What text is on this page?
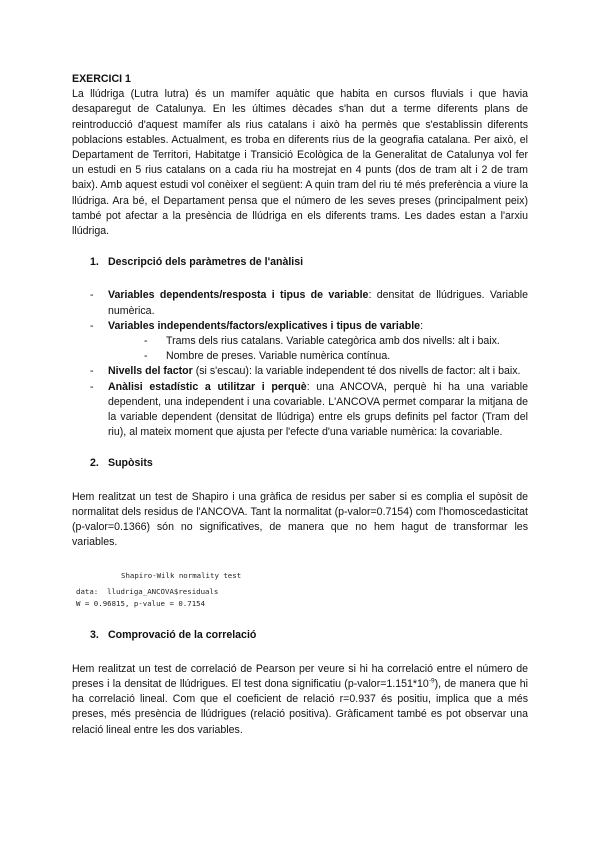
EXERCICI 1

La llúdriga (Lutra lutra) és un mamífer aquàtic que habita en cursos fluvials i que havia desaparegut de Catalunya. En les últimes dècades s'han dut a terme diferents plans de reintroducció d'aquest mamífer als rius catalans i això ha permès que s'establissin diferents poblacions estables. Actualment, es troba en diferents rius de la geografia catalana. Per això, el Departament de Territori, Habitatge i Transició Ecològica de la Generalitat de Catalunya vol fer un estudi en 5 rius catalans on a cada riu ha mostrejat en 4 punts (dos de tram alt i 2 de tram baix). Amb aquest estudi vol conèixer el següent: A quin tram del riu té més preferència a viure la llúdriga. Ara bé, el Departament pensa que el número de les seves preses (principalment peix) també pot afectar a la presència de llúdriga en els diferents trams. Les dades estan a l'arxiu llúdriga.

1. Descripció dels paràmetres de l'anàlisi
- Variables dependents/resposta i tipus de variable: densitat de llúdrigues. Variable numèrica.
- Variables independents/factors/explicatives i tipus de variable:
- Trams dels rius catalans. Variable categòrica amb dos nivells: alt i baix.
- Nombre de preses. Variable numèrica contínua.
- Nivells del factor (si s'escau): la variable independent té dos nivells de factor: alt i baix.
- Anàlisi estadístic a utilitzar i perquè: una ANCOVA, perquè hi ha una variable dependent, una independent i una covariable. L'ANCOVA permet comparar la mitjana de la variable dependent (densitat de llúdriga) entre els grups definits pel factor (Tram del riu), al mateix moment que ajusta per l'efecte d'una variable numèrica: la covariable.
2. Supòsits

Hem realitzat un test de Shapiro i una gràfica de residus per saber si es complia el supòsit de normalitat dels residus de l'ANCOVA. Tant la normalitat (p-valor=0.7154) com l'homoscedasticitat (p-valor=0.1366) són no significatives, de manera que no hem hagut de transformar les variables.

Shapiro-Wilk normality test
data:  lludriga_ANCOVA$residuals
W = 0.96815, p-value = 0.7154
3. Comprovació de la correlació

Hem realitzat un test de correlació de Pearson per veure si hi ha correlació entre el número de preses i la densitat de llúdrigues. El test dona significatiu $(p-valor=1.151*10^{-9})$, de manera que hi ha correlació lineal. Com que el coeficient de relació r=0.937 és positiu, implica que a més preses, més presència de llúdrigues (relació positiva). Gràficament també es pot observar una relació lineal entre les dos variables.
